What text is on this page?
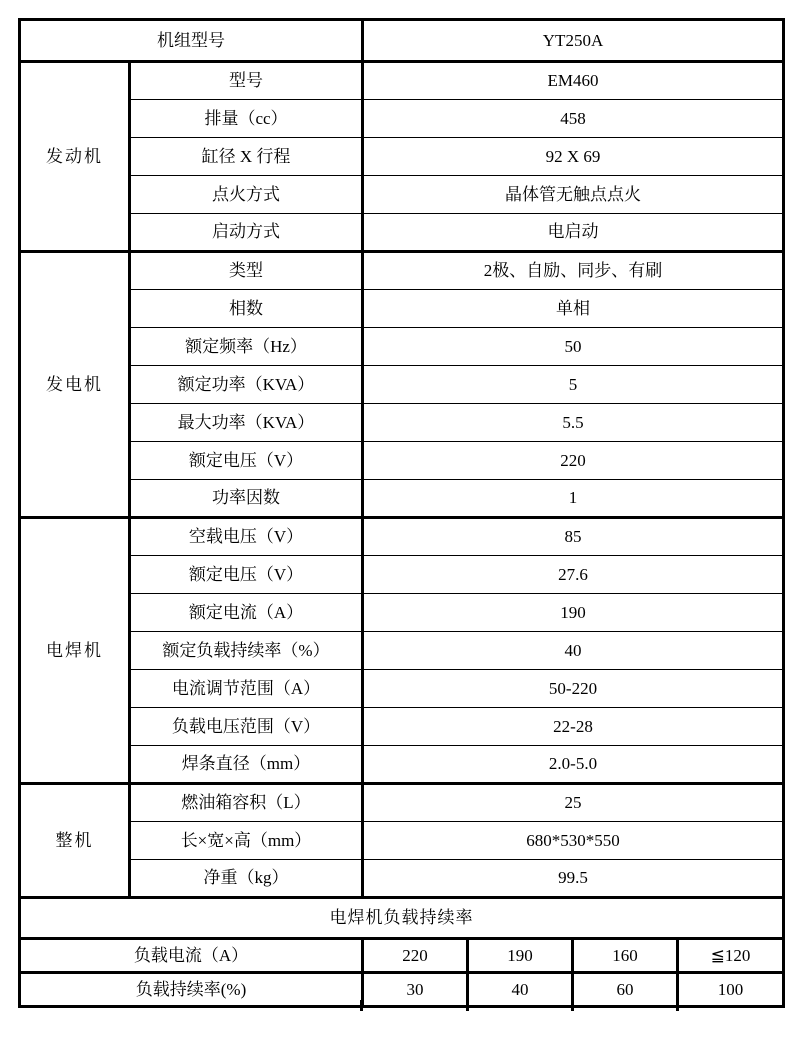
机组型号		YT250A			
发动机	型号	EM460			
	排量（cc）	458			
	缸径 X 行程	92 X 69			
	点火方式	晶体管无触点点火			
	启动方式	电启动			
发电机	类型	2极、自励、同步、有刷			
	相数	单相			
	额定频率（Hz）	50			
	额定功率（KVA）	5			
	最大功率（KVA）	5.5			
	额定电压（V）	220			
	功率因数	1			
电焊机	空载电压（V）	85			
	额定电压（V）	27.6			
	额定电流（A）	190			
	额定负载持续率（%）	40			
	电流调节范围（A）	50-220			
	负载电压范围（V）	22-28			
	焊条直径（mm）	2.0-5.0			
整机	燃油箱容积（L）	25			
	长×宽×高（mm）	680*530*550			
	净重（kg）	99.5			
电焊机负载持续率					
负载电流（A）		220	190	160	≦120
负载持续率(%)		30	40	60	100
